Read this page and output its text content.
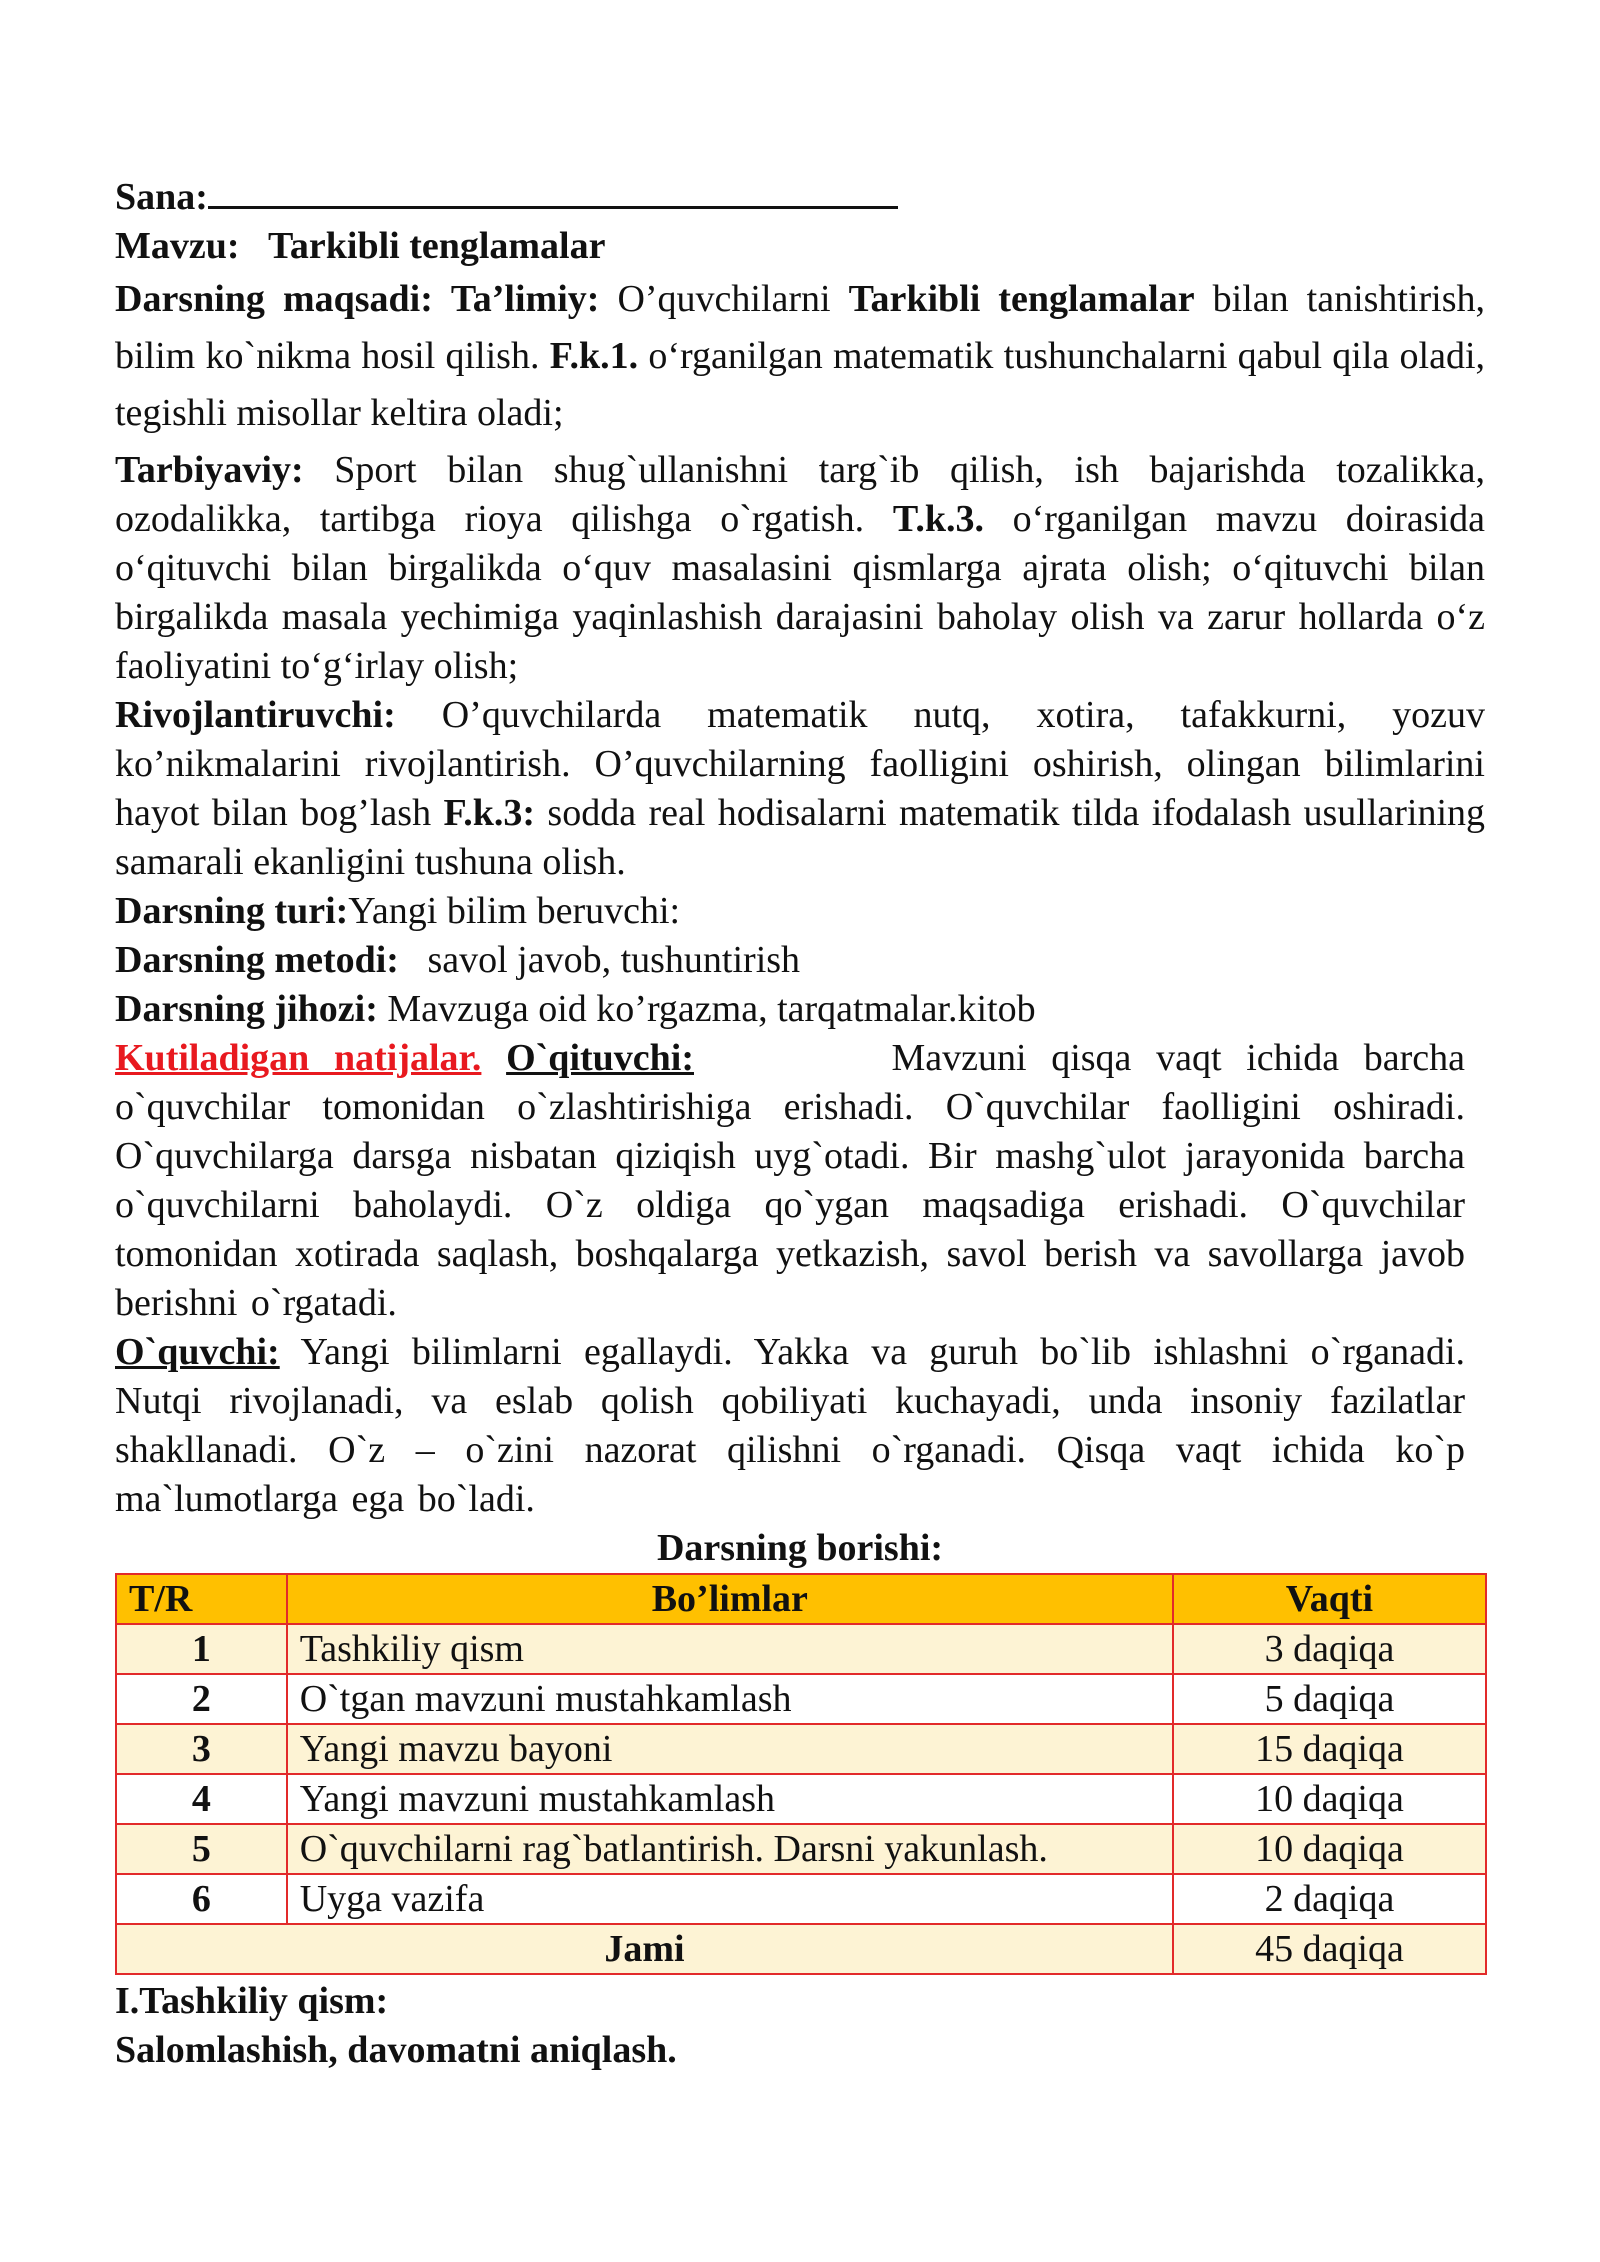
Sana:

Mavzu: Tarkibli tenglamalar

Darsning maqsadi: Ta’limiy: O’quvchilarni Tarkibli tenglamalar bilan tanishtirish, bilim ko`nikma hosil qilish. F.k.1. o‘rganilgan matematik tushunchalarni qabul qila oladi, tegishli misollar keltira oladi;

Tarbiyaviy: Sport bilan shug`ullanishni targ`ib qilish, ish bajarishda tozalikka, ozodalikka, tartibga rioya qilishga o`rgatish. T.k.3. o‘rganilgan mavzu doirasida o‘qituvchi bilan birgalikda o‘quv masalasini qismlarga ajrata olish; o‘qituvchi bilan birgalikda masala yechimiga yaqinlashish darajasini baholay olish va zarur hollarda o‘z faoliyatini to‘g‘irlay olish;

Rivojlantiruvchi: O’quvchilarda matematik nutq, xotira, tafakkurni, yozuv ko’nikmalarini rivojlantirish. O’quvchilarning faolligini oshirish, olingan bilimlarini hayot bilan bog’lash F.k.3: sodda real hodisalarni matematik tilda ifodalash usullarining samarali ekanligini tushuna olish.

Darsning turi:Yangi bilim beruvchi:

Darsning metodi: savol javob, tushuntirish

Darsning jihozi: Mavzuga oid ko’rgazma, tarqatmalar.kitob

Kutiladigan natijalar. O`qituvchi:	Mavzuni qisqa vaqt ichida barcha o`quvchilar tomonidan o`zlashtirishiga erishadi. O`quvchilar faolligini oshiradi. O`quvchilarga darsga nisbatan qiziqish uyg`otadi. Bir mashg`ulot jarayonida barcha o`quvchilarni baholaydi. O`z oldiga qo`ygan maqsadiga erishadi. O`quvchilar tomonidan xotirada saqlash, boshqalarga yetkazish, savol berish va savollarga javob berishni o`rgatadi.

O`quvchi: Yangi bilimlarni egallaydi. Yakka va guruh bo`lib ishlashni o`rganadi. Nutqi rivojlanadi, va eslab qolish qobiliyati kuchayadi, unda insoniy fazilatlar shakllanadi. O`z – o`zini nazorat qilishni o`rganadi. Qisqa vaqt ichida ko`p ma`lumotlarga ega bo`ladi.

Darsning borishi:

T/R	Bo’limlar	Vaqti
1	Tashkiliy qism	3 daqiqa
2	O`tgan mavzuni mustahkamlash	5 daqiqa
3	Yangi mavzu bayoni	15 daqiqa
4	Yangi mavzuni mustahkamlash	10 daqiqa
5	O`quvchilarni rag`batlantirish. Darsni yakunlash.	10 daqiqa
6	Uyga vazifa	2 daqiqa
Jami		45 daqiqa

I.Tashkiliy qism:

Salomlashish, davomatni aniqlash.
